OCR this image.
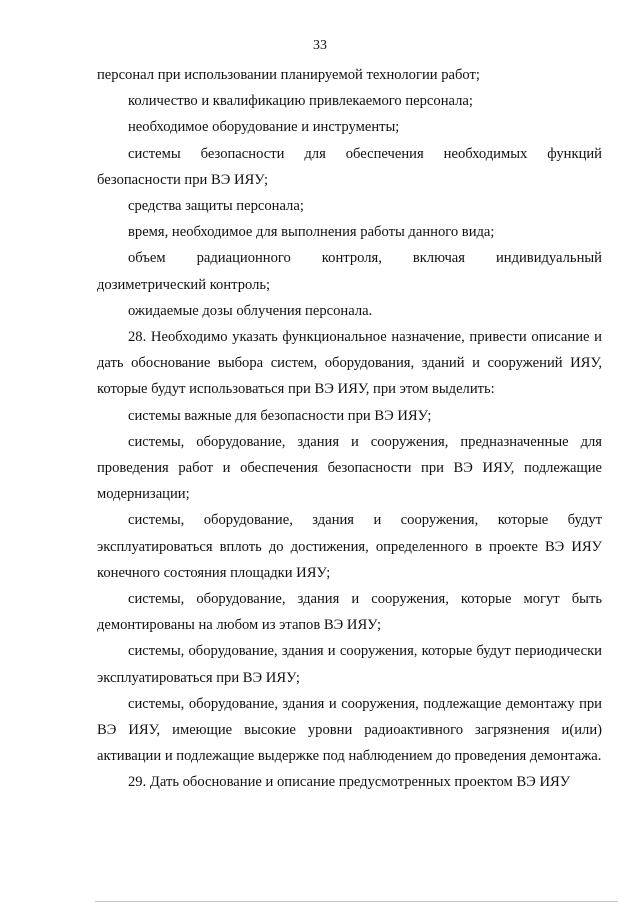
33

персонал при использовании планируемой технологии работ;

количество и квалификацию привлекаемого персонала;

необходимое оборудование и инструменты;

системы безопасности для обеспечения необходимых функций безопасности при ВЭ ИЯУ;

средства защиты персонала;

время, необходимое для выполнения работы данного вида;

объем радиационного контроля, включая индивидуальный дозиметрический контроль;

ожидаемые дозы облучения персонала.

28. Необходимо указать функциональное назначение, привести описание и дать обоснование выбора систем, оборудования, зданий и сооружений ИЯУ, которые будут использоваться при ВЭ ИЯУ, при этом выделить:

системы важные для безопасности при ВЭ ИЯУ;

системы, оборудование, здания и сооружения, предназначенные для проведения работ и обеспечения безопасности при ВЭ ИЯУ, подлежащие модернизации;

системы, оборудование, здания и сооружения, которые будут эксплуатироваться вплоть до достижения, определенного в проекте ВЭ ИЯУ конечного состояния площадки ИЯУ;

системы, оборудование, здания и сооружения, которые могут быть демонтированы на любом из этапов ВЭ ИЯУ;

системы, оборудование, здания и сооружения, которые будут периодически эксплуатироваться при ВЭ ИЯУ;

системы, оборудование, здания и сооружения, подлежащие демонтажу при ВЭ ИЯУ, имеющие высокие уровни радиоактивного загрязнения и(или) активации и подлежащие выдержке под наблюдением до проведения демонтажа.

29. Дать обоснование и описание предусмотренных проектом ВЭ ИЯУ
